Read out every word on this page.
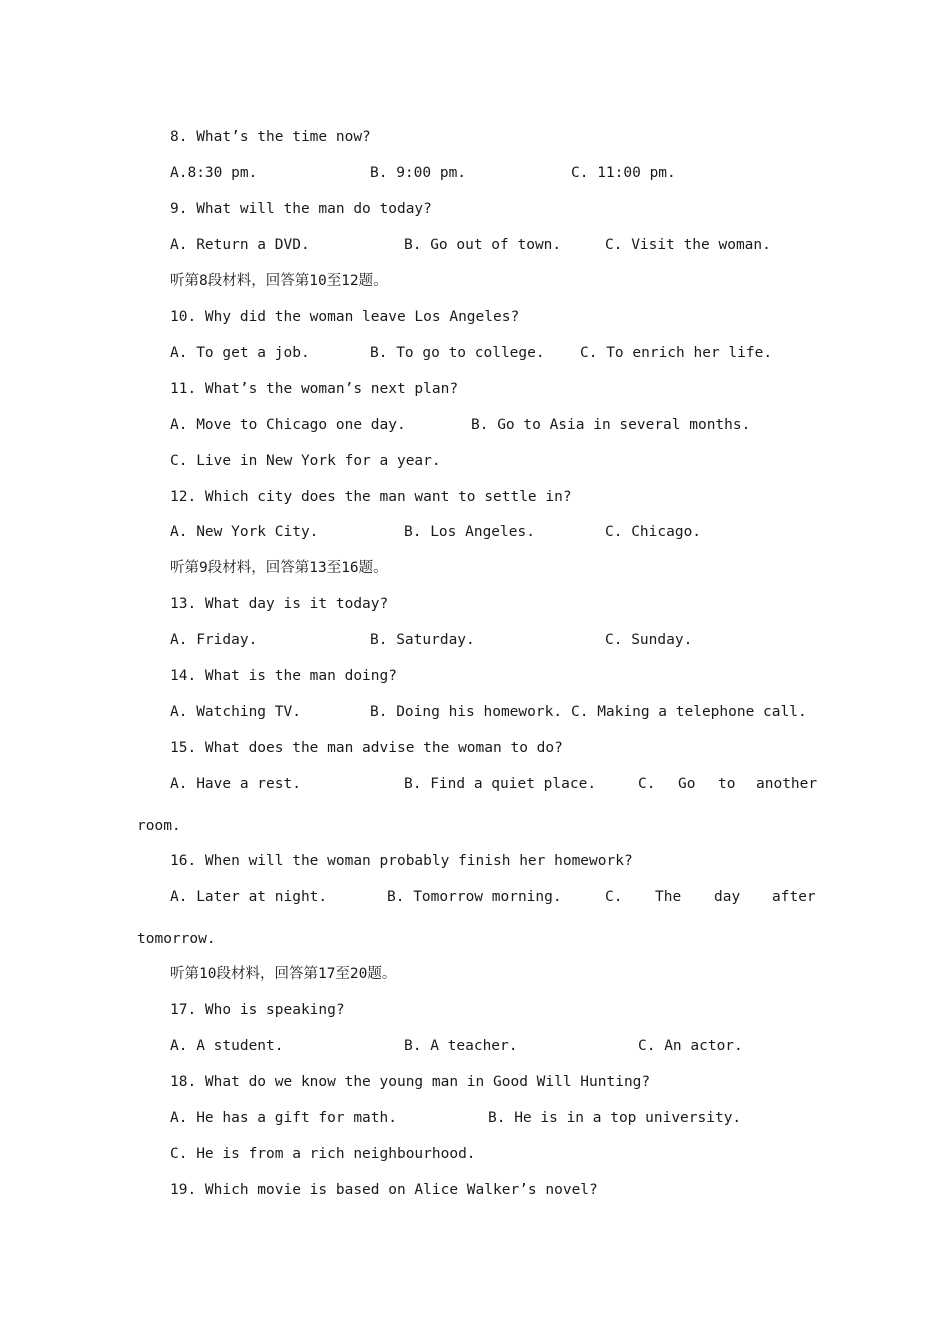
8. What’s the time now?
A.8:30 pm.	B. 9:00 pm.	C. 11:00 pm.
9. What will the man do today?
A. Return a DVD.	B. Go out of town.	C. Visit the woman.
听第8段材料，回答第10至12题。
10. Why did the woman leave Los Angeles?
A. To get a job.	B. To go to college. C. To enrich her life.
11. What’s the woman’s next plan?
A. Move to Chicago one day.	B. Go to Asia in several months.
C. Live in New York for a year.
12. Which city does the man want to settle in?
A. New York City.	B. Los Angeles.	C. Chicago.
听第9段材料，回答第13至16题。
13. What day is it today?
A. Friday.	B. Saturday.	C. Sunday.
14. What is the man doing?
A. Watching TV.	B. Doing his homework. C. Making a telephone call.
15. What does the man advise the woman to do?
A. Have a rest.	B. Find a quiet place.	C. Go to another
room.
16. When will the woman probably finish her homework?
A. Later at night.	B. Tomorrow morning.	C. The day after
tomorrow.
听第10段材料，回答第17至20题。
17. Who is speaking?
A. A student.	B. A teacher.	C. An actor.
18. What do we know the young man in Good Will Hunting?
A. He has a gift for math.	B. He is in a top university.
C. He is from a rich neighbourhood.
19. Which movie is based on Alice Walker’s novel?
